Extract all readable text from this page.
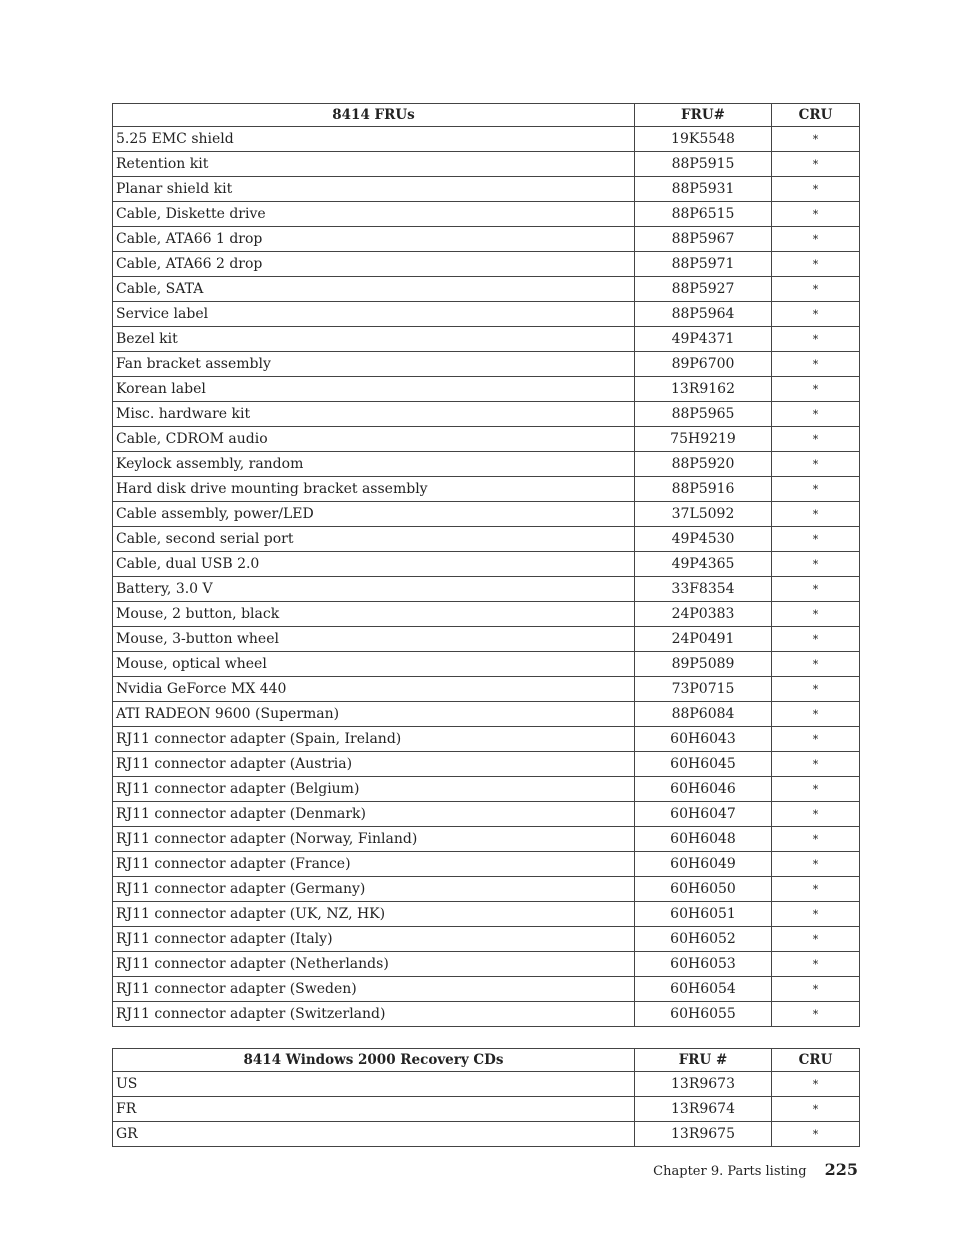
8414 FRUs	FRU#	CRU
5.25 EMC shield	19K5548	*
Retention kit	88P5915	*
Planar shield kit	88P5931	*
Cable, Diskette drive	88P6515	*
Cable, ATA66 1 drop	88P5967	*
Cable, ATA66 2 drop	88P5971	*
Cable, SATA	88P5927	*
Service label	88P5964	*
Bezel kit	49P4371	*
Fan bracket assembly	89P6700	*
Korean label	13R9162	*
Misc. hardware kit	88P5965	*
Cable, CDROM audio	75H9219	*
Keylock assembly, random	88P5920	*
Hard disk drive mounting bracket assembly	88P5916	*
Cable assembly, power/LED	37L5092	*
Cable, second serial port	49P4530	*
Cable, dual USB 2.0	49P4365	*
Battery, 3.0 V	33F8354	*
Mouse, 2 button, black	24P0383	*
Mouse, 3-button wheel	24P0491	*
Mouse, optical wheel	89P5089	*
Nvidia GeForce MX 440	73P0715	*
ATI RADEON 9600 (Superman)	88P6084	*
RJ11 connector adapter (Spain, Ireland)	60H6043	*
RJ11 connector adapter (Austria)	60H6045	*
RJ11 connector adapter (Belgium)	60H6046	*
RJ11 connector adapter (Denmark)	60H6047	*
RJ11 connector adapter (Norway, Finland)	60H6048	*
RJ11 connector adapter (France)	60H6049	*
RJ11 connector adapter (Germany)	60H6050	*
RJ11 connector adapter (UK, NZ, HK)	60H6051	*
RJ11 connector adapter (Italy)	60H6052	*
RJ11 connector adapter (Netherlands)	60H6053	*
RJ11 connector adapter (Sweden)	60H6054	*
RJ11 connector adapter (Switzerland)	60H6055	*
8414 Windows 2000 Recovery CDs	FRU #	CRU
US	13R9673	*
FR	13R9674	*
GR	13R9675	*
Chapter 9. Parts listing 225
